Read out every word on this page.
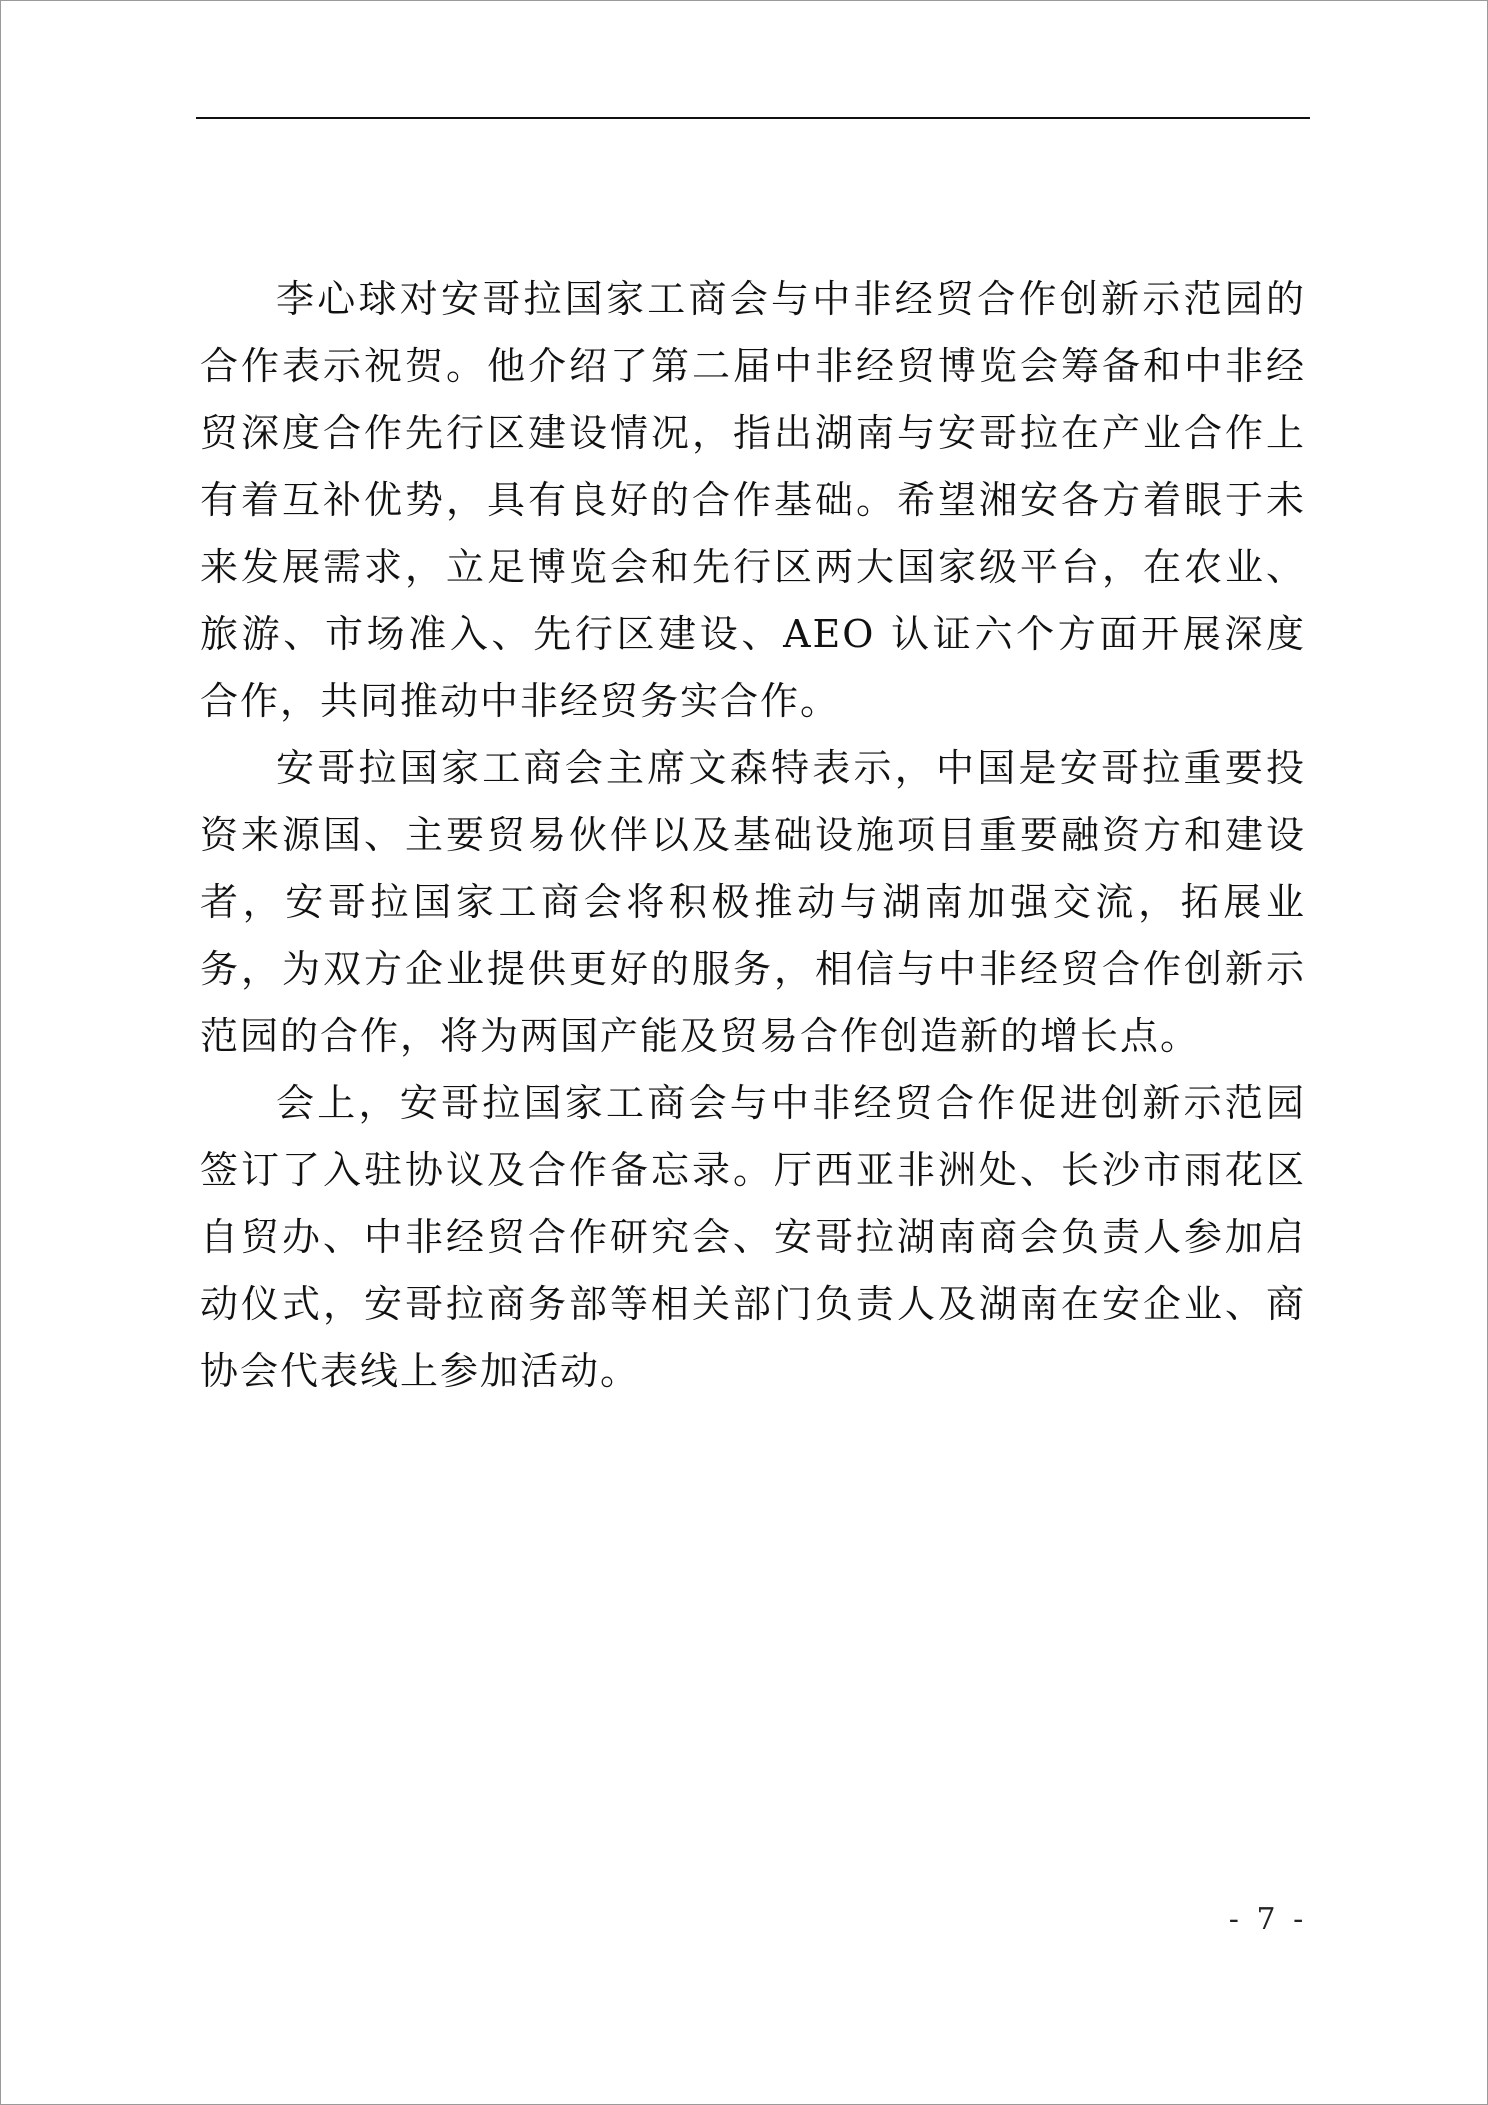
李心球对安哥拉国家工商会与中非经贸合作创新示范园的合作表示祝贺。他介绍了第二届中非经贸博览会筹备和中非经贸深度合作先行区建设情况，指出湖南与安哥拉在产业合作上有着互补优势，具有良好的合作基础。希望湘安各方着眼于未来发展需求，立足博览会和先行区两大国家级平台，在农业、旅游、市场准入、先行区建设、AEO 认证六个方面开展深度合作，共同推动中非经贸务实合作。

安哥拉国家工商会主席文森特表示，中国是安哥拉重要投资来源国、主要贸易伙伴以及基础设施项目重要融资方和建设者，安哥拉国家工商会将积极推动与湖南加强交流，拓展业务，为双方企业提供更好的服务，相信与中非经贸合作创新示范园的合作，将为两国产能及贸易合作创造新的增长点。

会上，安哥拉国家工商会与中非经贸合作促进创新示范园签订了入驻协议及合作备忘录。厅西亚非洲处、长沙市雨花区自贸办、中非经贸合作研究会、安哥拉湖南商会负责人参加启动仪式，安哥拉商务部等相关部门负责人及湖南在安企业、商协会代表线上参加活动。

- 7 -
